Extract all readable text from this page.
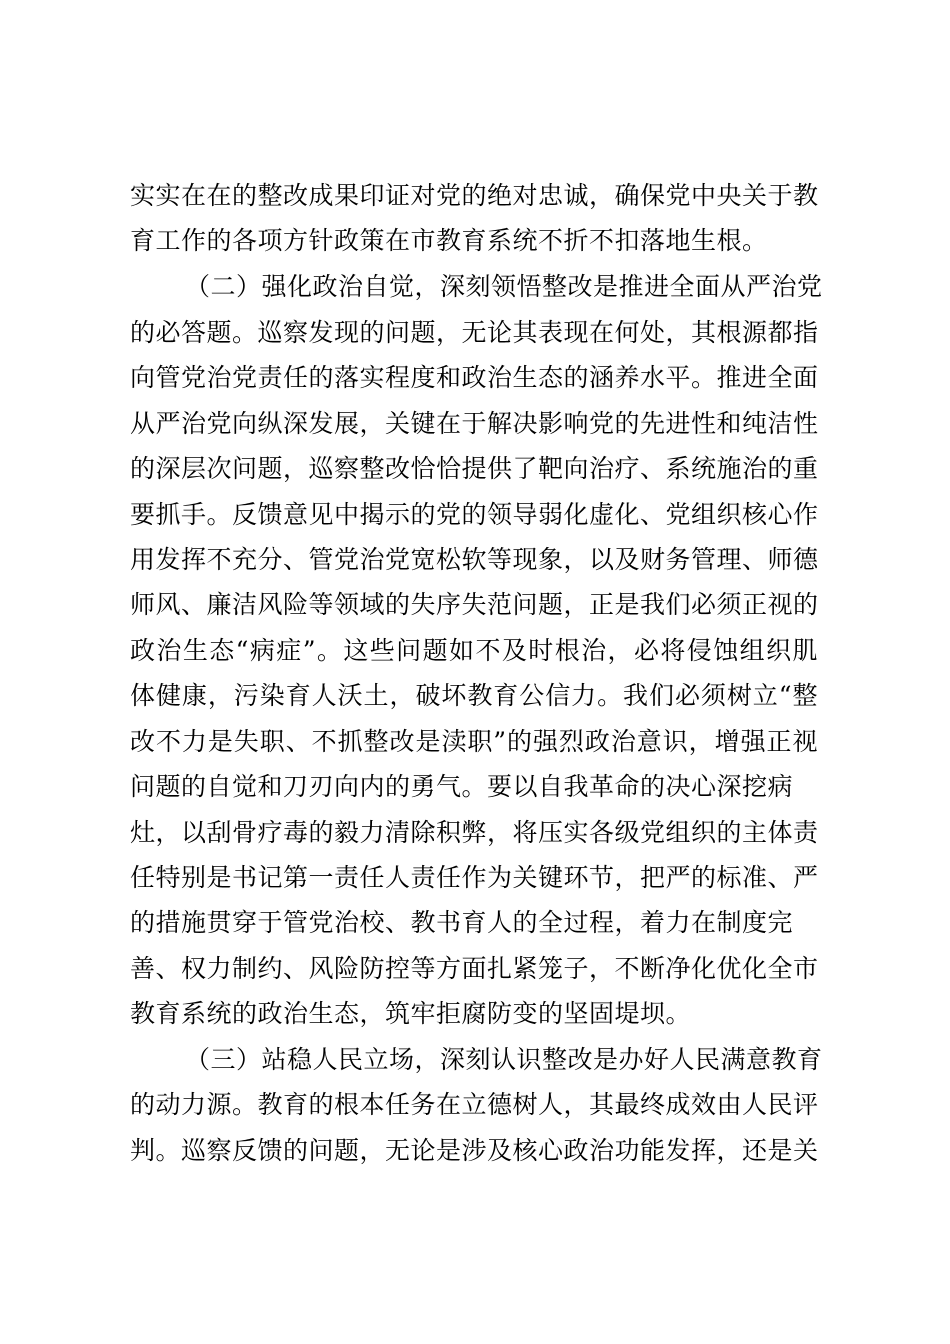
实实在在的整改成果印证对党的绝对忠诚，确保党中央关于教
育工作的各项方针政策在市教育系统不折不扣落地生根。
（二）强化政治自觉，深刻领悟整改是推进全面从严治党
的必答题。巡察发现的问题，无论其表现在何处，其根源都指
向管党治党责任的落实程度和政治生态的涵养水平。推进全面
从严治党向纵深发展，关键在于解决影响党的先进性和纯洁性
的深层次问题，巡察整改恰恰提供了靶向治疗、系统施治的重
要抓手。反馈意见中揭示的党的领导弱化虚化、党组织核心作
用发挥不充分、管党治党宽松软等现象，以及财务管理、师德
师风、廉洁风险等领域的失序失范问题，正是我们必须正视的
政治生态“病症”。这些问题如不及时根治，必将侵蚀组织肌
体健康，污染育人沃土，破坏教育公信力。我们必须树立“整
改不力是失职、不抓整改是渎职”的强烈政治意识，增强正视
问题的自觉和刀刃向内的勇气。要以自我革命的决心深挖病
灶，以刮骨疗毒的毅力清除积弊，将压实各级党组织的主体责
任特别是书记第一责任人责任作为关键环节，把严的标准、严
的措施贯穿于管党治校、教书育人的全过程，着力在制度完
善、权力制约、风险防控等方面扎紧笼子，不断净化优化全市
教育系统的政治生态，筑牢拒腐防变的坚固堤坝。
（三）站稳人民立场，深刻认识整改是办好人民满意教育
的动力源。教育的根本任务在立德树人，其最终成效由人民评
判。巡察反馈的问题，无论是涉及核心政治功能发挥，还是关
